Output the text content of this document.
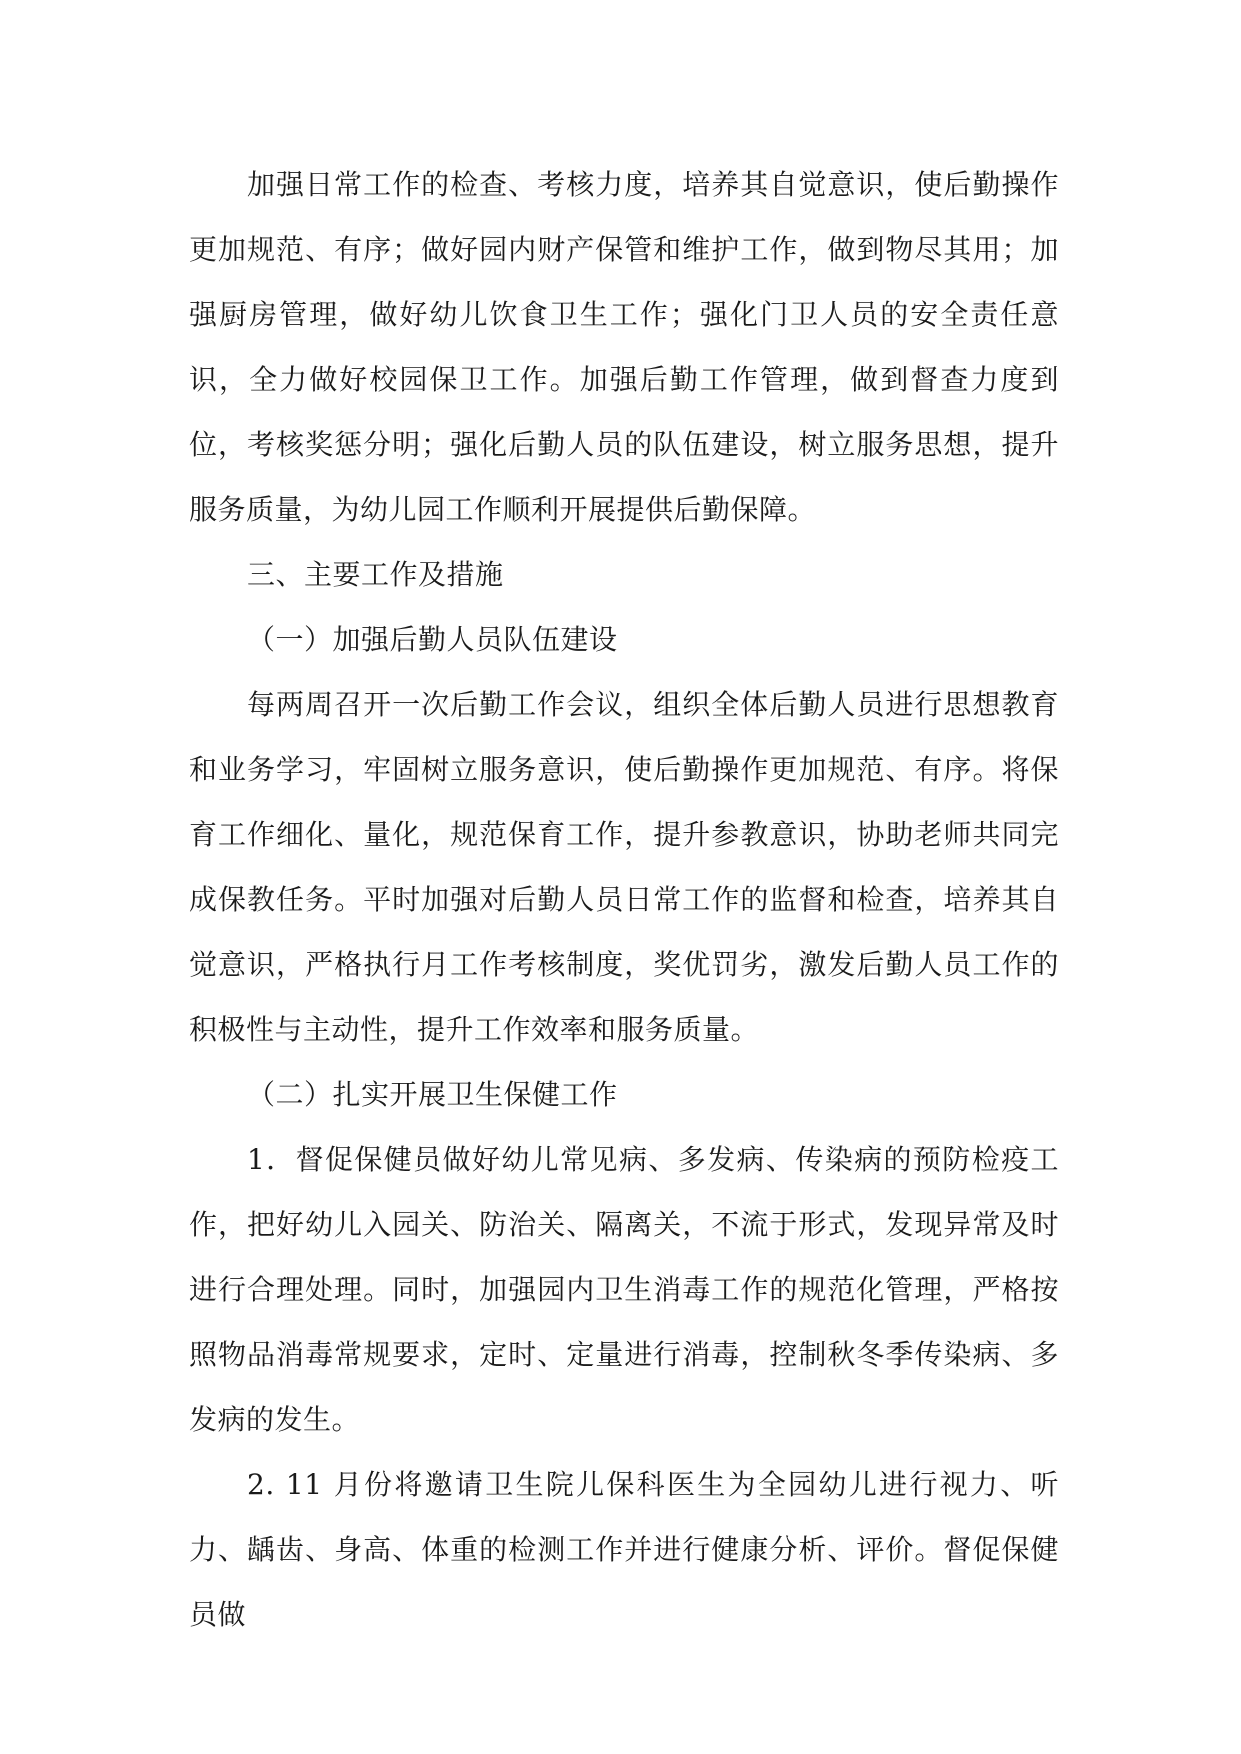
加强日常工作的检查、考核力度，培养其自觉意识，使后勤操作更加规范、有序；做好园内财产保管和维护工作，做到物尽其用；加强厨房管理，做好幼儿饮食卫生工作；强化门卫人员的安全责任意识，全力做好校园保卫工作。加强后勤工作管理，做到督查力度到位，考核奖惩分明；强化后勤人员的队伍建设，树立服务思想，提升服务质量，为幼儿园工作顺利开展提供后勤保障。

三、主要工作及措施

（一）加强后勤人员队伍建设

每两周召开一次后勤工作会议，组织全体后勤人员进行思想教育和业务学习，牢固树立服务意识，使后勤操作更加规范、有序。将保育工作细化、量化，规范保育工作，提升参教意识，协助老师共同完成保教任务。平时加强对后勤人员日常工作的监督和检查，培养其自觉意识，严格执行月工作考核制度，奖优罚劣，激发后勤人员工作的积极性与主动性，提升工作效率和服务质量。

（二）扎实开展卫生保健工作

1．督促保健员做好幼儿常见病、多发病、传染病的预防检疫工作，把好幼儿入园关、防治关、隔离关，不流于形式，发现异常及时进行合理处理。同时，加强园内卫生消毒工作的规范化管理，严格按照物品消毒常规要求，定时、定量进行消毒，控制秋冬季传染病、多发病的发生。

2. 11 月份将邀请卫生院儿保科医生为全园幼儿进行视力、听力、龋齿、身高、体重的检测工作并进行健康分析、评价。督促保健员做
